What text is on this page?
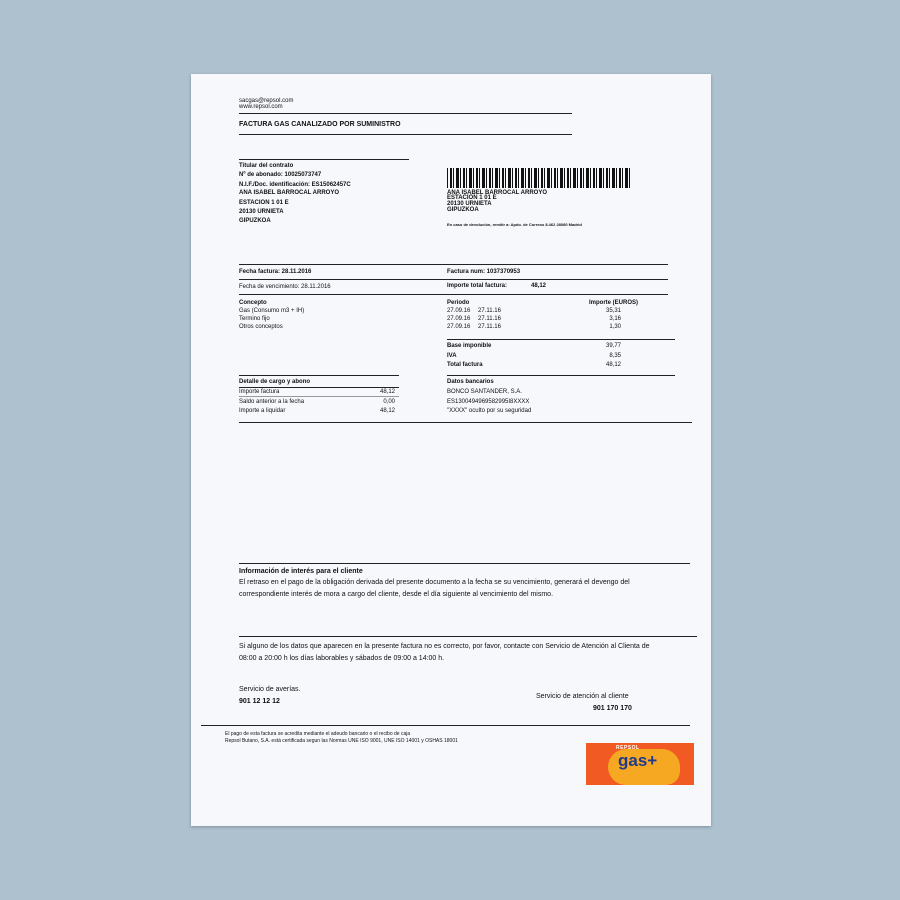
sacgas@repsol.com
www.repsol.com
FACTURA GAS CANALIZADO POR SUMINISTRO
Titular del contrato
Nº de abonado: 10025073747
N.I.F./Doc. identificación: ES15062457C
ANA ISABEL BARROCAL ARROYO
ESTACION 1 01 E
20130 URNIETA
GIPUZKOA
ANA ISABEL BARROCAL ARROYO
ESTACION 1 01 E
20130 URNIETA
GIPUZKOA
En caso de devolución, remitir a: Apdo. de Correos 8.462 28080 Madrid
Fecha factura: 28.11.2016	Factura num: 1037370953
Fecha de vencimiento: 28.11.2016	Importe total factura:	48,12
Concepto	Periodo	Importe (EUROS)
Gas (Consumo m3 + IH)	27.09.16 27.11.16	35,31
Termino fijo	27.09.16 27.11.16	3,16
Otros conceptos	27.09.16 27.11.16	1,30
Base imponible	39,77
IVA	8,35
Total factura	48,12
Detalle de cargo y abono
Importe factura	48,12
Saldo anterior a la fecha	0,00
Importe a liquidar	48,12
Datos bancarios
BONCO SANTANDER, S.A.
ES1300494969582995I8XXXX
"XXXX" oculto por su seguridad
Información de interés para el cliente
El retraso en el pago de la obligación derivada del presente documento a la fecha se su vencimiento, generará el devengo del
correspondiente interés de mora a cargo del cliente, desde el día siguiente al vencimiento del mismo.
Si alguno de los datos que aparecen en la presente factura no es correcto, por favor, contacte con Servicio de Atención al Clienta de
08:00 a 20:00 h los días laborables y sábados de 09:00 a 14:00 h.
Servicio de averías.
901 12 12 12
Servicio de atención al cliente
901 170 170
El pago de esta factura se acredita mediante el adeudo bancario o el recibo de caja
Repsol Butano, S.A. está certificada segun las Normas UNE ISO 9001, UNE ISO 14001 y OSHAS 18001
REPSOL
gas+
